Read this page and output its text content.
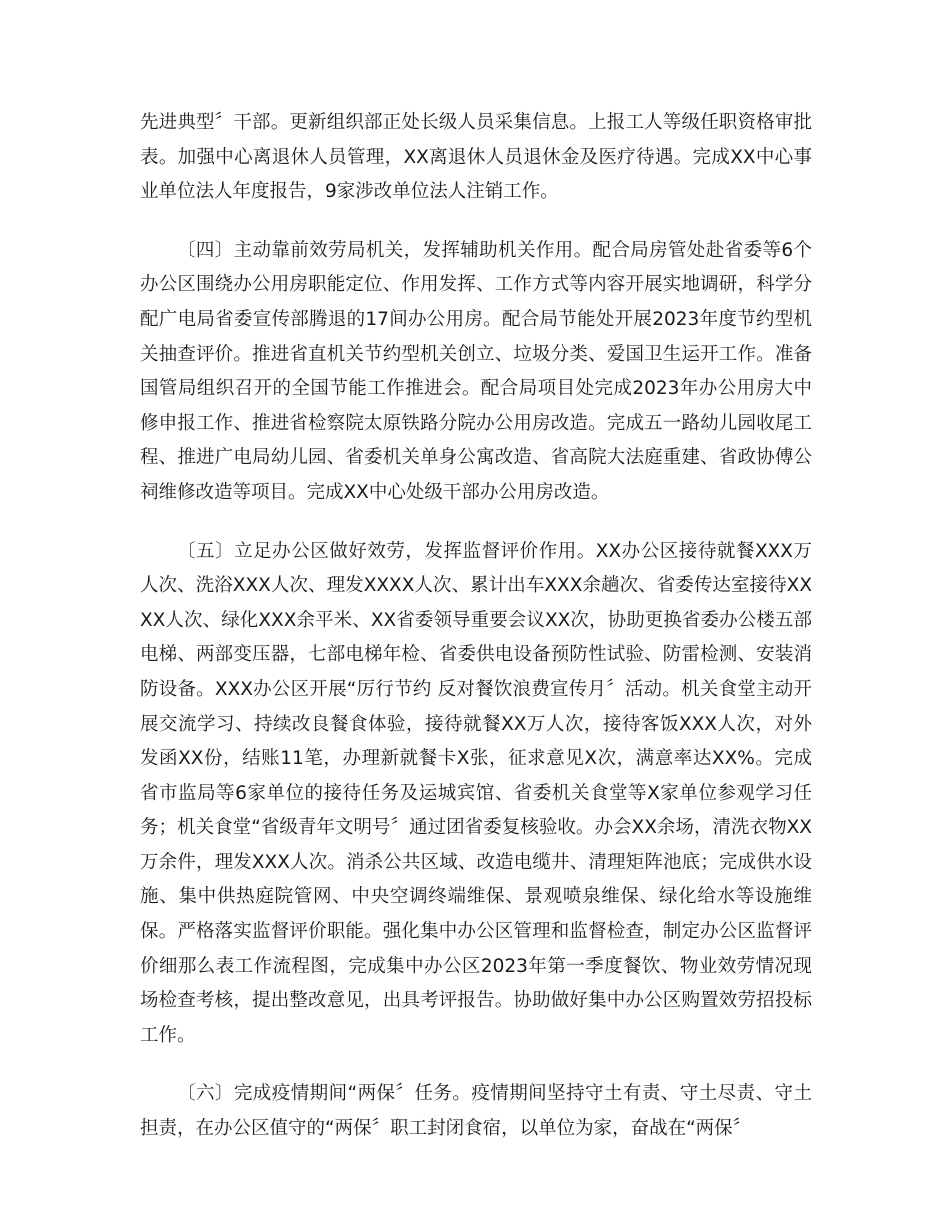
先进典型〞干部。更新组织部正处长级人员采集信息。上报工人等级任职资格审批表。加强中心离退休人员管理，XX离退休人员退休金及医疗待遇。完成XX中心事业单位法人年度报告，9家涉改单位法人注销工作。

〔四〕主动靠前效劳局机关，发挥辅助机关作用。配合局房管处赴省委等6个办公区围绕办公用房职能定位、作用发挥、工作方式等内容开展实地调研，科学分配广电局省委宣传部腾退的17间办公用房。配合局节能处开展2023年度节约型机关抽查评价。推进省直机关节约型机关创立、垃圾分类、爱国卫生运开工作。准备国管局组织召开的全国节能工作推进会。配合局项目处完成2023年办公用房大中修申报工作、推进省检察院太原铁路分院办公用房改造。完成五一路幼儿园收尾工程、推进广电局幼儿园、省委机关单身公寓改造、省高院大法庭重建、省政协傅公祠维修改造等项目。完成XX中心处级干部办公用房改造。

〔五〕立足办公区做好效劳，发挥监督评价作用。XX办公区接待就餐XXX万人次、洗浴XXX人次、理发XXXX人次、累计出车XXX余趟次、省委传达室接待XXXX人次、绿化XXX余平米、XX省委领导重要会议XX次，协助更换省委办公楼五部电梯、两部变压器，七部电梯年检、省委供电设备预防性试验、防雷检测、安装消防设备。XXX办公区开展“厉行节约 反对餐饮浪费宣传月〞活动。机关食堂主动开展交流学习、持续改良餐食体验，接待就餐XX万人次，接待客饭XXX人次，对外发函XX份，结账11笔，办理新就餐卡X张，征求意见X次，满意率达XX%。完成省市监局等6家单位的接待任务及运城宾馆、省委机关食堂等X家单位参观学习任务；机关食堂“省级青年文明号〞通过团省委复核验收。办会XX余场，清洗衣物XX万余件，理发XXX人次。消杀公共区域、改造电缆井、清理矩阵池底；完成供水设施、集中供热庭院管网、中央空调终端维保、景观喷泉维保、绿化给水等设施维保。严格落实监督评价职能。强化集中办公区管理和监督检查，制定办公区监督评价细那么表工作流程图，完成集中办公区2023年第一季度餐饮、物业效劳情况现场检查考核，提出整改意见，出具考评报告。协助做好集中办公区购置效劳招投标工作。

〔六〕完成疫情期间“两保〞任务。疫情期间坚持守土有责、守土尽责、守土担责，在办公区值守的“两保〞职工封闭食宿，以单位为家，奋战在“两保〞
